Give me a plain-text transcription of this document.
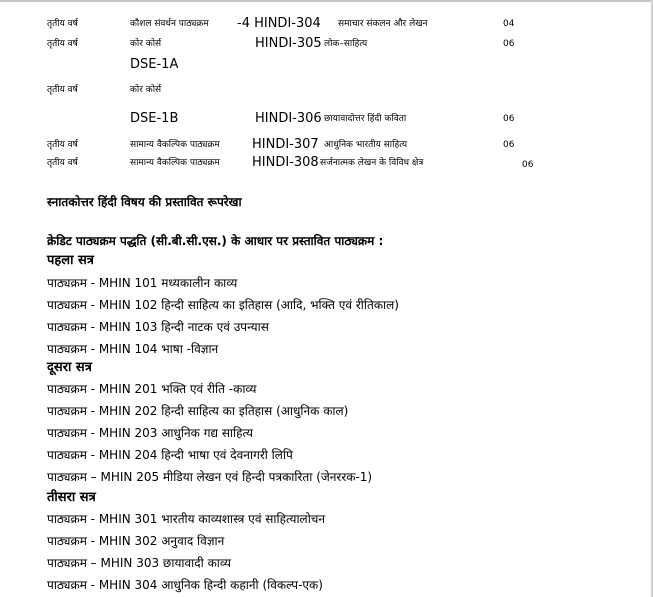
तृतीय वर्ष	कौशल संवर्धन पाठ्यक्रम -4 HINDI-304 समाचार संकलन और लेखन	04
तृतीय वर्ष	कोर कोर्स	HINDI-305 लोक–साहित्य	06
DSE-1A
तृतीय वर्ष	कोर कोर्स
DSE-1B	HINDI-306 छायावादोत्तर हिंदी कविता	06
तृतीय वर्ष	सामान्य वैकल्पिक पाठ्यक्रम HINDI-307 आधुनिक भारतीय साहित्य	06
तृतीय वर्ष	सामान्य वैकल्पिक पाठ्यक्रम HINDI-308 सर्जनात्मक लेखन के विविध क्षेत्र	06
स्नातकोत्तर हिंदी विषय की प्रस्तावित रूपरेखा
क्रेडिट पाठ्यक्रम पद्धति (सी.बी.सी.एस.) के आधार पर प्रस्तावित पाठ्यक्रम :
पहला सत्र
पाठ्यक्रम - MHIN 101 मध्यकालीन काव्य
पाठ्यक्रम - MHIN 102 हिन्दी साहित्य का इतिहास (आदि, भक्ति एवं रीतिकाल)
पाठ्यक्रम - MHIN 103 हिन्दी नाटक एवं उपन्यास
पाठ्यक्रम - MHIN 104 भाषा -विज्ञान
दूसरा सत्र
पाठ्यक्रम - MHIN 201 भक्ति एवं रीति -काव्य
पाठ्यक्रम - MHIN 202 हिन्दी साहित्य का इतिहास (आधुनिक काल)
पाठ्यक्रम - MHIN 203 आधुनिक गद्य साहित्य
पाठ्यक्रम - MHIN 204 हिन्दी भाषा एवं देवनागरी लिपि
पाठ्यक्रम – MHIN 205 मीडिया लेखन एवं हिन्दी पत्रकारिता (जेनररक-1)
तीसरा सत्र
पाठ्यक्रम - MHIN 301 भारतीय काव्यशास्त्र एवं साहित्यालोचन
पाठ्यक्रम - MHIN 302 अनुवाद विज्ञान
पाठ्यक्रम – MHIN 303 छायावादी काव्य
पाठ्यक्रम - MHIN 304 आधुनिक हिन्दी कहानी (विकल्प-एक)
